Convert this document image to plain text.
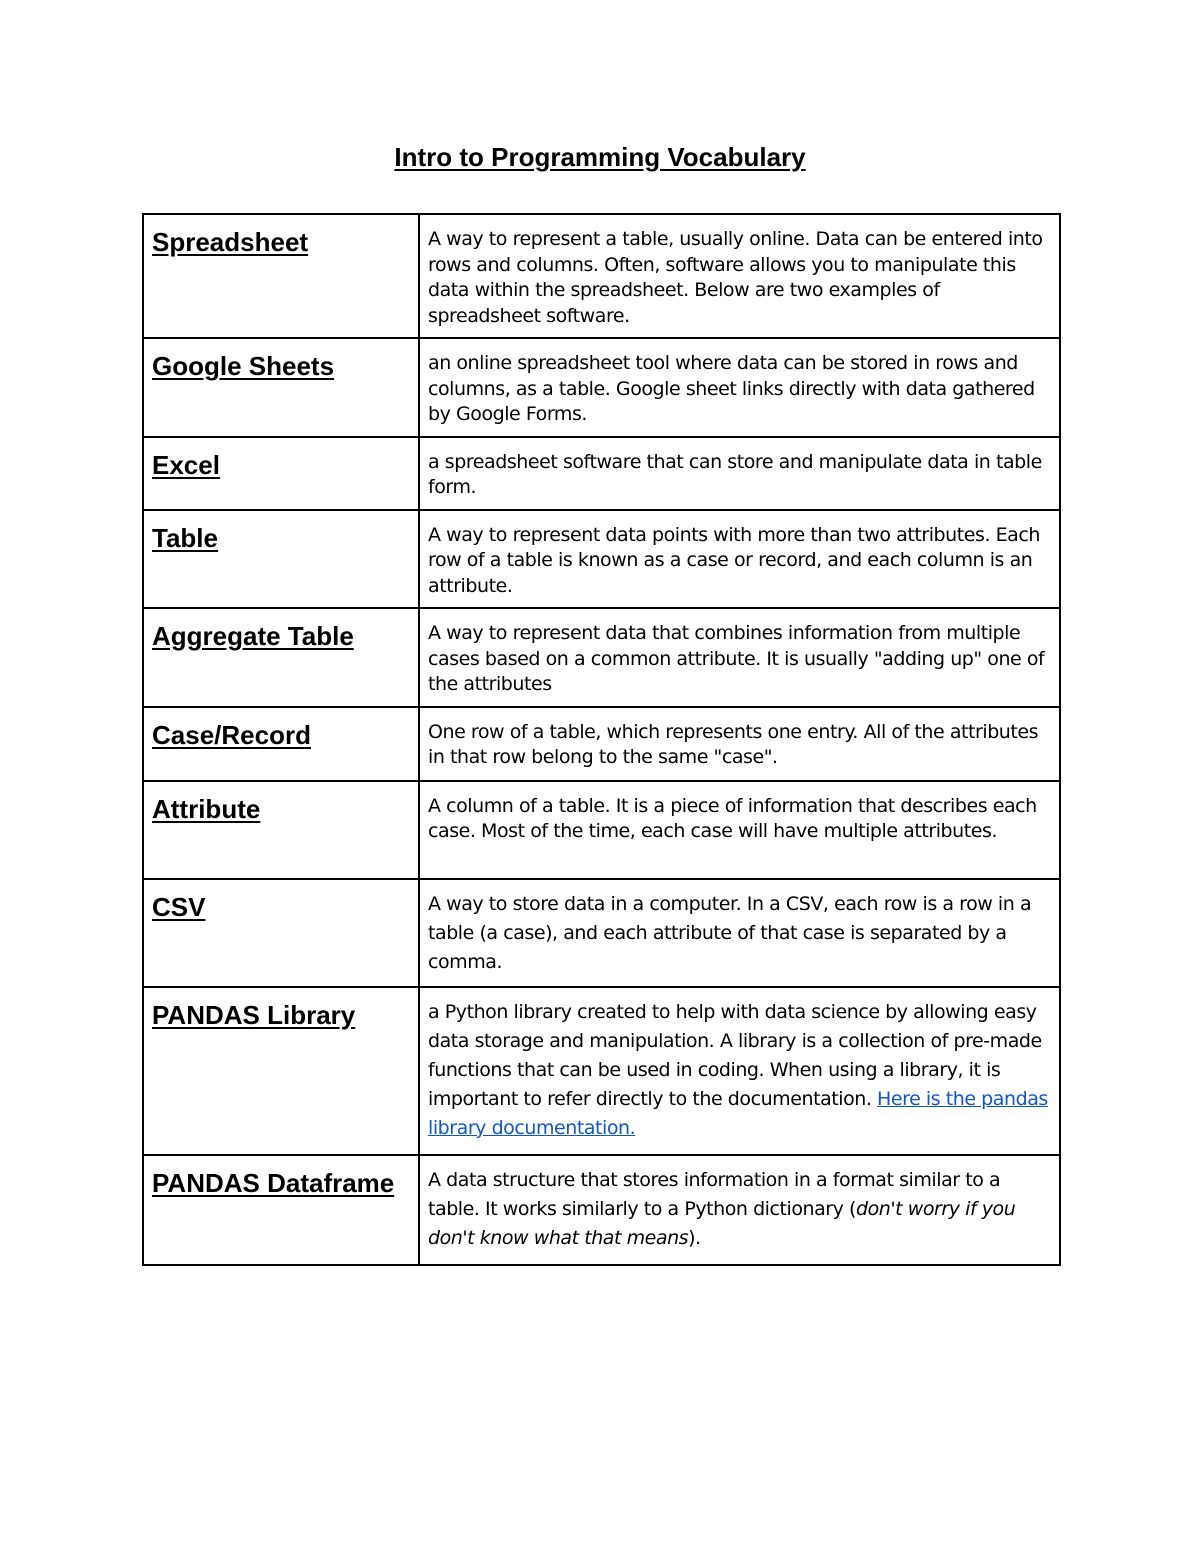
Intro to Programming Vocabulary
Spreadsheet	A way to represent a table, usually online. Data can be entered into rows and columns. Often, software allows you to manipulate this data within the spreadsheet. Below are two examples of spreadsheet software.

Google Sheets	an online spreadsheet tool where data can be stored in rows and columns, as a table. Google sheet links directly with data gathered by Google Forms.

Excel	a spreadsheet software that can store and manipulate data in table form.

Table	A way to represent data points with more than two attributes. Each row of a table is known as a case or record, and each column is an attribute.

Aggregate Table	A way to represent data that combines information from multiple cases based on a common attribute. It is usually "adding up" one of the attributes

Case/Record	One row of a table, which represents one entry. All of the attributes in that row belong to the same "case".

Attribute	A column of a table. It is a piece of information that describes each case. Most of the time, each case will have multiple attributes.

CSV	A way to store data in a computer. In a CSV, each row is a row in a table (a case), and each attribute of that case is separated by a comma.

PANDAS Library	a Python library created to help with data science by allowing easy data storage and manipulation. A library is a collection of pre-made functions that can be used in coding. When using a library, it is important to refer directly to the documentation. Here is the pandas library documentation.

PANDAS Dataframe	A data structure that stores information in a format similar to a table. It works similarly to a Python dictionary (don't worry if you don't know what that means).
